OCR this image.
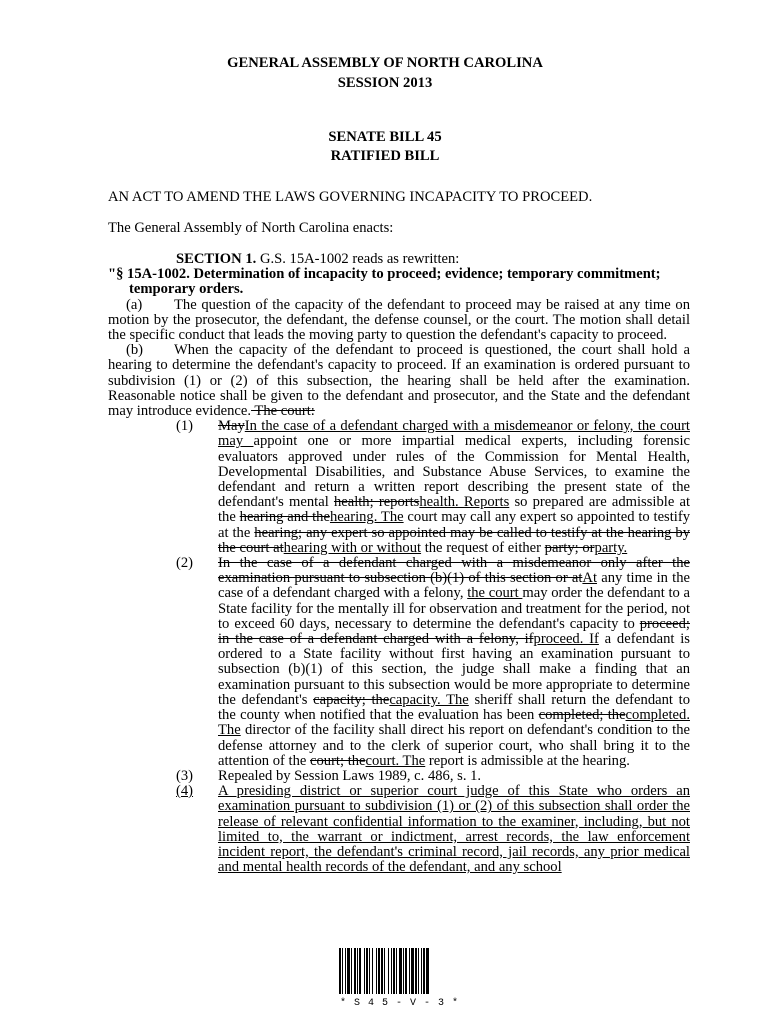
GENERAL ASSEMBLY OF NORTH CAROLINA
SESSION 2013
SENATE BILL 45
RATIFIED BILL
AN ACT TO AMEND THE LAWS GOVERNING INCAPACITY TO PROCEED.
The General Assembly of North Carolina enacts:

SECTION 1. G.S. 15A-1002 reads as rewritten:

"§ 15A-1002. Determination of incapacity to proceed; evidence; temporary commitment;

temporary orders.

(a) The question of the capacity of the defendant to proceed may be raised at any time on motion by the prosecutor, the defendant, the defense counsel, or the court. The motion shall detail the specific conduct that leads the moving party to question the defendant's capacity to proceed.

(b) When the capacity of the defendant to proceed is questioned, the court shall hold a hearing to determine the defendant's capacity to proceed. If an examination is ordered pursuant to subdivision (1) or (2) of this subsection, the hearing shall be held after the examination. Reasonable notice shall be given to the defendant and prosecutor, and the State and the defendant may introduce evidence. The court:

(1)	MayIn the case of a defendant charged with a misdemeanor or felony, the court may appoint one or more impartial medical experts, including forensic evaluators approved under rules of the Commission for Mental Health, Developmental Disabilities, and Substance Abuse Services, to examine the defendant and return a written report describing the present state of the defendant's mental health; reportshealth. Reports so prepared are admissible at the hearing and thehearing. The court may call any expert so appointed to testify at the hearing; any expert so appointed may be called to testify at the hearing by the court athearing with or without the request of either party; orparty.
(2)	In the case of a defendant charged with a misdemeanor only after the examination pursuant to subsection (b)(1) of this section or atAt any time in the case of a defendant charged with a felony, the court may order the defendant to a State facility for the mentally ill for observation and treatment for the period, not to exceed 60 days, necessary to determine the defendant's capacity to proceed; in the case of a defendant charged with a felony, ifproceed. If a defendant is ordered to a State facility without first having an examination pursuant to subsection (b)(1) of this section, the judge shall make a finding that an examination pursuant to this subsection would be more appropriate to determine the defendant's capacity; thecapacity. The sheriff shall return the defendant to the county when notified that the evaluation has been completed; thecompleted. The director of the facility shall direct his report on defendant's condition to the defense attorney and to the clerk of superior court, who shall bring it to the attention of the court; thecourt. The report is admissible at the hearing.
(3)	Repealed by Session Laws 1989, c. 486, s. 1.
(4)	A presiding district or superior court judge of this State who orders an examination pursuant to subdivision (1) or (2) of this subsection shall order the release of relevant confidential information to the examiner, including, but not limited to, the warrant or indictment, arrest records, the law enforcement incident report, the defendant's criminal record, jail records, any prior medical and mental health records of the defendant, and any school
* S 4 5 - V - 3 *
